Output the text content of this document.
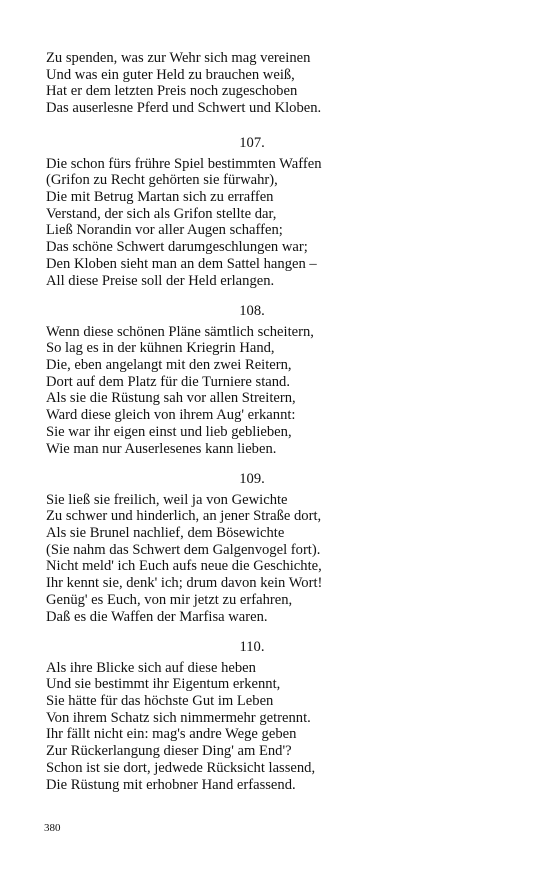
Zu spenden, was zur Wehr sich mag vereinen
Und was ein guter Held zu brauchen weiß,
Hat er dem letzten Preis noch zugeschoben
Das auserlesne Pferd und Schwert und Kloben.
107.
Die schon fürs frühre Spiel bestimmten Waffen
(Grifon zu Recht gehörten sie fürwahr),
Die mit Betrug Martan sich zu erraffen
Verstand, der sich als Grifon stellte dar,
Ließ Norandin vor aller Augen schaffen;
Das schöne Schwert darumgeschlungen war;
Den Kloben sieht man an dem Sattel hangen –
All diese Preise soll der Held erlangen.
108.
Wenn diese schönen Pläne sämtlich scheitern,
So lag es in der kühnen Kriegrin Hand,
Die, eben angelangt mit den zwei Reitern,
Dort auf dem Platz für die Turniere stand.
Als sie die Rüstung sah vor allen Streitern,
Ward diese gleich von ihrem Aug' erkannt:
Sie war ihr eigen einst und lieb geblieben,
Wie man nur Auserlesenes kann lieben.
109.
Sie ließ sie freilich, weil ja von Gewichte
Zu schwer und hinderlich, an jener Straße dort,
Als sie Brunel nachlief, dem Bösewichte
(Sie nahm das Schwert dem Galgenvogel fort).
Nicht meld' ich Euch aufs neue die Geschichte,
Ihr kennt sie, denk' ich; drum davon kein Wort!
Genüg' es Euch, von mir jetzt zu erfahren,
Daß es die Waffen der Marfisa waren.
110.
Als ihre Blicke sich auf diese heben
Und sie bestimmt ihr Eigentum erkennt,
Sie hätte für das höchste Gut im Leben
Von ihrem Schatz sich nimmermehr getrennt.
Ihr fällt nicht ein: mag's andre Wege geben
Zur Rückerlangung dieser Ding' am End'?
Schon ist sie dort, jedwede Rücksicht lassend,
Die Rüstung mit erhobner Hand erfassend.
380
